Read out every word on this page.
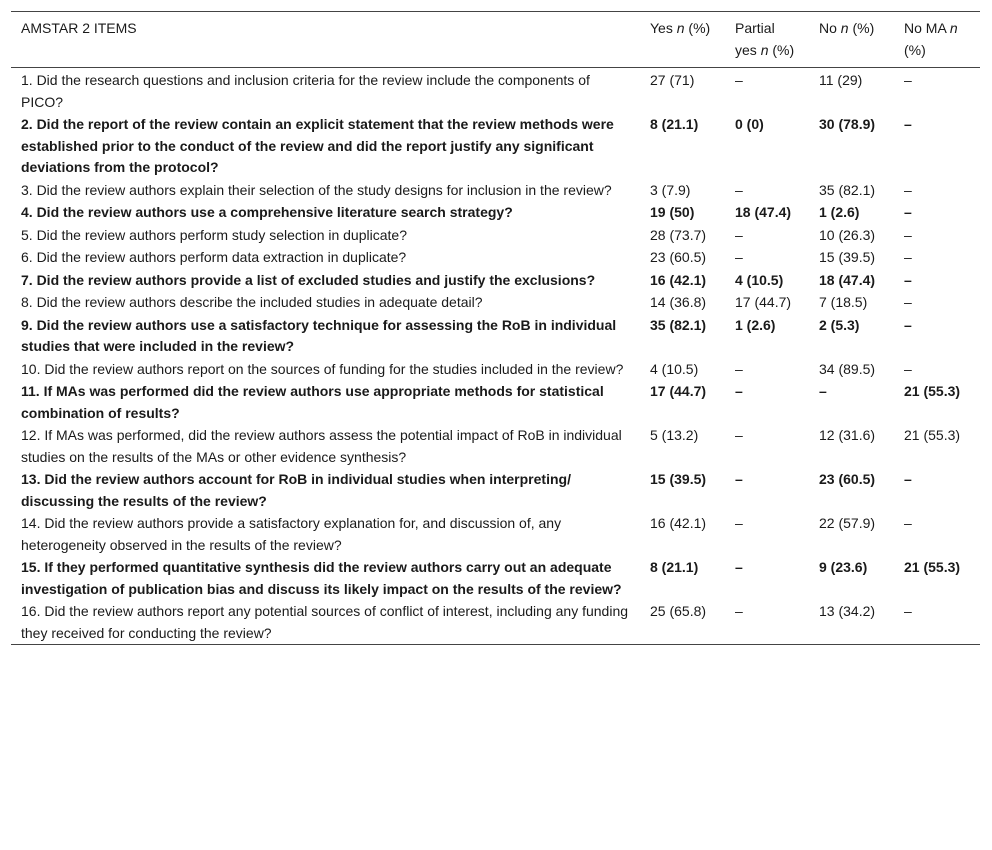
AMSTAR 2 ITEMS	Yes n (%)	Partial yes n (%)	No n (%)	No MA n (%)

1. Did the research questions and inclusion criteria for the review include the components of PICO?	27 (71)	–	11 (29)	–

2. Did the report of the review contain an explicit statement that the review methods were established prior to the conduct of the review and did the report justify any significant deviations from the protocol?	8 (21.1)	0 (0)	30 (78.9)	–

3. Did the review authors explain their selection of the study designs for inclusion in the review?	3 (7.9)	–	35 (82.1)	–

4. Did the review authors use a comprehensive literature search strategy?	19 (50)	18 (47.4)	1 (2.6)	–

5. Did the review authors perform study selection in duplicate?	28 (73.7)	–	10 (26.3)	–

6. Did the review authors perform data extraction in duplicate?	23 (60.5)	–	15 (39.5)	–

7. Did the review authors provide a list of excluded studies and justify the exclusions?	16 (42.1)	4 (10.5)	18 (47.4)	–

8. Did the review authors describe the included studies in adequate detail?	14 (36.8)	17 (44.7)	7 (18.5)	–

9. Did the review authors use a satisfactory technique for assessing the RoB in individual studies that were included in the review?	35 (82.1)	1 (2.6)	2 (5.3)	–

10. Did the review authors report on the sources of funding for the studies included in the review?	4 (10.5)	–	34 (89.5)	–

11. If MAs was performed did the review authors use appropriate methods for statistical combination of results?	17 (44.7)	–	–	21 (55.3)

12. If MAs was performed, did the review authors assess the potential impact of RoB in individual studies on the results of the MAs or other evidence synthesis?	5 (13.2)	–	12 (31.6)	21 (55.3)

13. Did the review authors account for RoB in individual studies when interpreting/ discussing the results of the review?	15 (39.5)	–	23 (60.5)	–

14. Did the review authors provide a satisfactory explanation for, and discussion of, any heterogeneity observed in the results of the review?	16 (42.1)	–	22 (57.9)	–

15. If they performed quantitative synthesis did the review authors carry out an adequate investigation of publication bias and discuss its likely impact on the results of the review?	8 (21.1)	–	9 (23.6)	21 (55.3)

16. Did the review authors report any potential sources of conflict of interest, including any funding they received for conducting the review?	25 (65.8)	–	13 (34.2)	–
